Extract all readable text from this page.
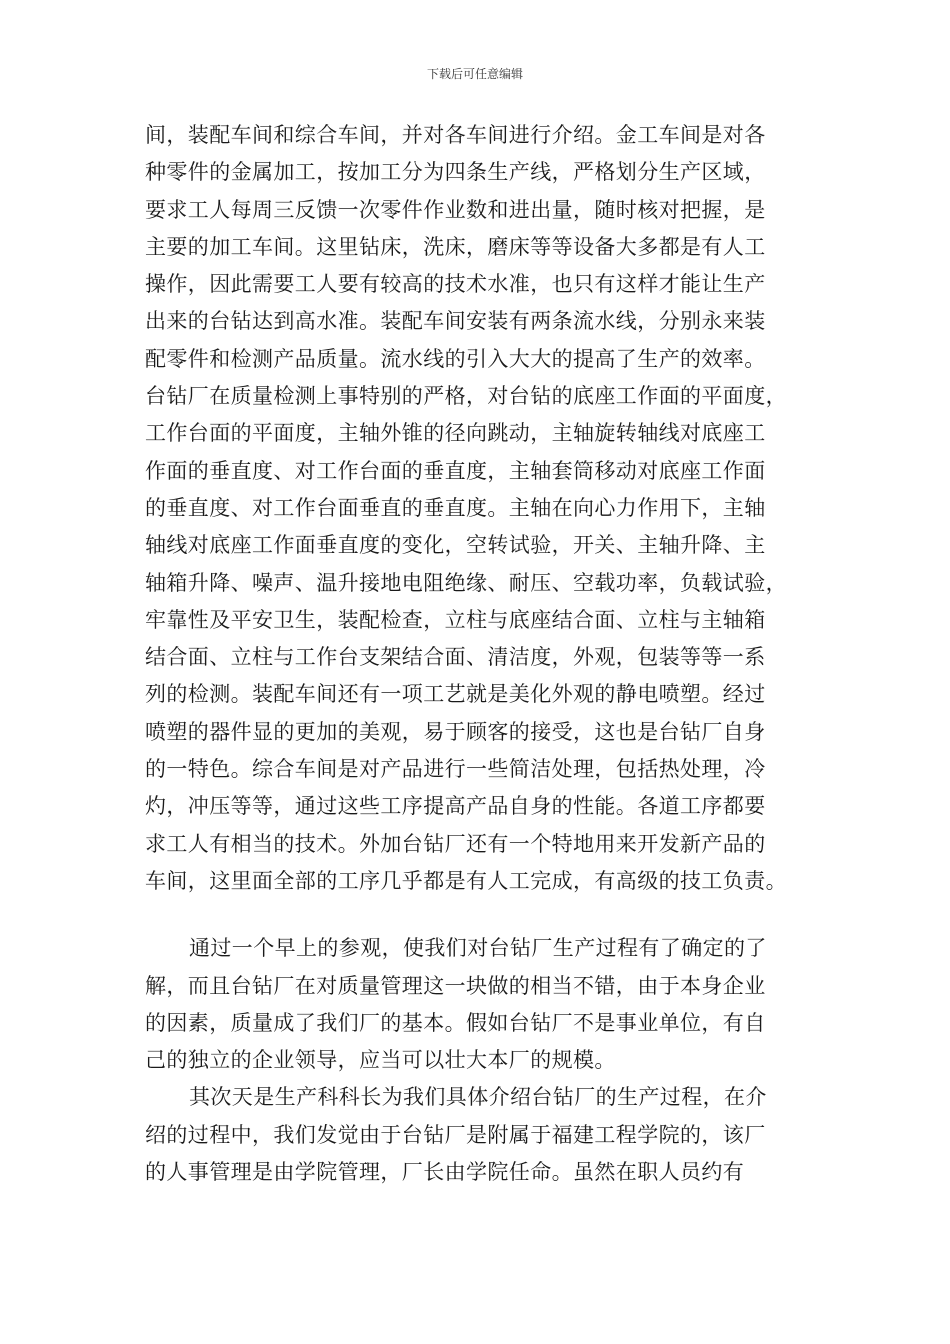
下载后可任意编辑
间，装配车间和综合车间，并对各车间进行介绍。金工车间是对各
种零件的金属加工，按加工分为四条生产线，严格划分生产区域，
要求工人每周三反馈一次零件作业数和进出量，随时核对把握，是
主要的加工车间。这里钻床，洗床，磨床等等设备大多都是有人工
操作，因此需要工人要有较高的技术水准，也只有这样才能让生产
出来的台钻达到高水准。装配车间安装有两条流水线，分别永来装
配零件和检测产品质量。流水线的引入大大的提高了生产的效率。
台钻厂在质量检测上事特别的严格，对台钻的底座工作面的平面度，
工作台面的平面度，主轴外锥的径向跳动，主轴旋转轴线对底座工
作面的垂直度、对工作台面的垂直度，主轴套筒移动对底座工作面
的垂直度、对工作台面垂直的垂直度。主轴在向心力作用下，主轴
轴线对底座工作面垂直度的变化，空转试验，开关、主轴升降、主
轴箱升降、噪声、温升接地电阻绝缘、耐压、空载功率，负载试验，
牢靠性及平安卫生，装配检查，立柱与底座结合面、立柱与主轴箱
结合面、立柱与工作台支架结合面、清洁度，外观，包装等等一系
列的检测。装配车间还有一项工艺就是美化外观的静电喷塑。经过
喷塑的器件显的更加的美观，易于顾客的接受，这也是台钻厂自身
的一特色。综合车间是对产品进行一些简洁处理，包括热处理，冷
灼，冲压等等，通过这些工序提高产品自身的性能。各道工序都要
求工人有相当的技术。外加台钻厂还有一个特地用来开发新产品的
车间，这里面全部的工序几乎都是有人工完成，有高级的技工负责。
通过一个早上的参观，使我们对台钻厂生产过程有了确定的了
解，而且台钻厂在对质量管理这一块做的相当不错，由于本身企业
的因素，质量成了我们厂的基本。假如台钻厂不是事业单位，有自
己的独立的企业领导，应当可以壮大本厂的规模。
其次天是生产科科长为我们具体介绍台钻厂的生产过程，在介
绍的过程中，我们发觉由于台钻厂是附属于福建工程学院的，该厂
的人事管理是由学院管理，厂长由学院任命。虽然在职人员约有
